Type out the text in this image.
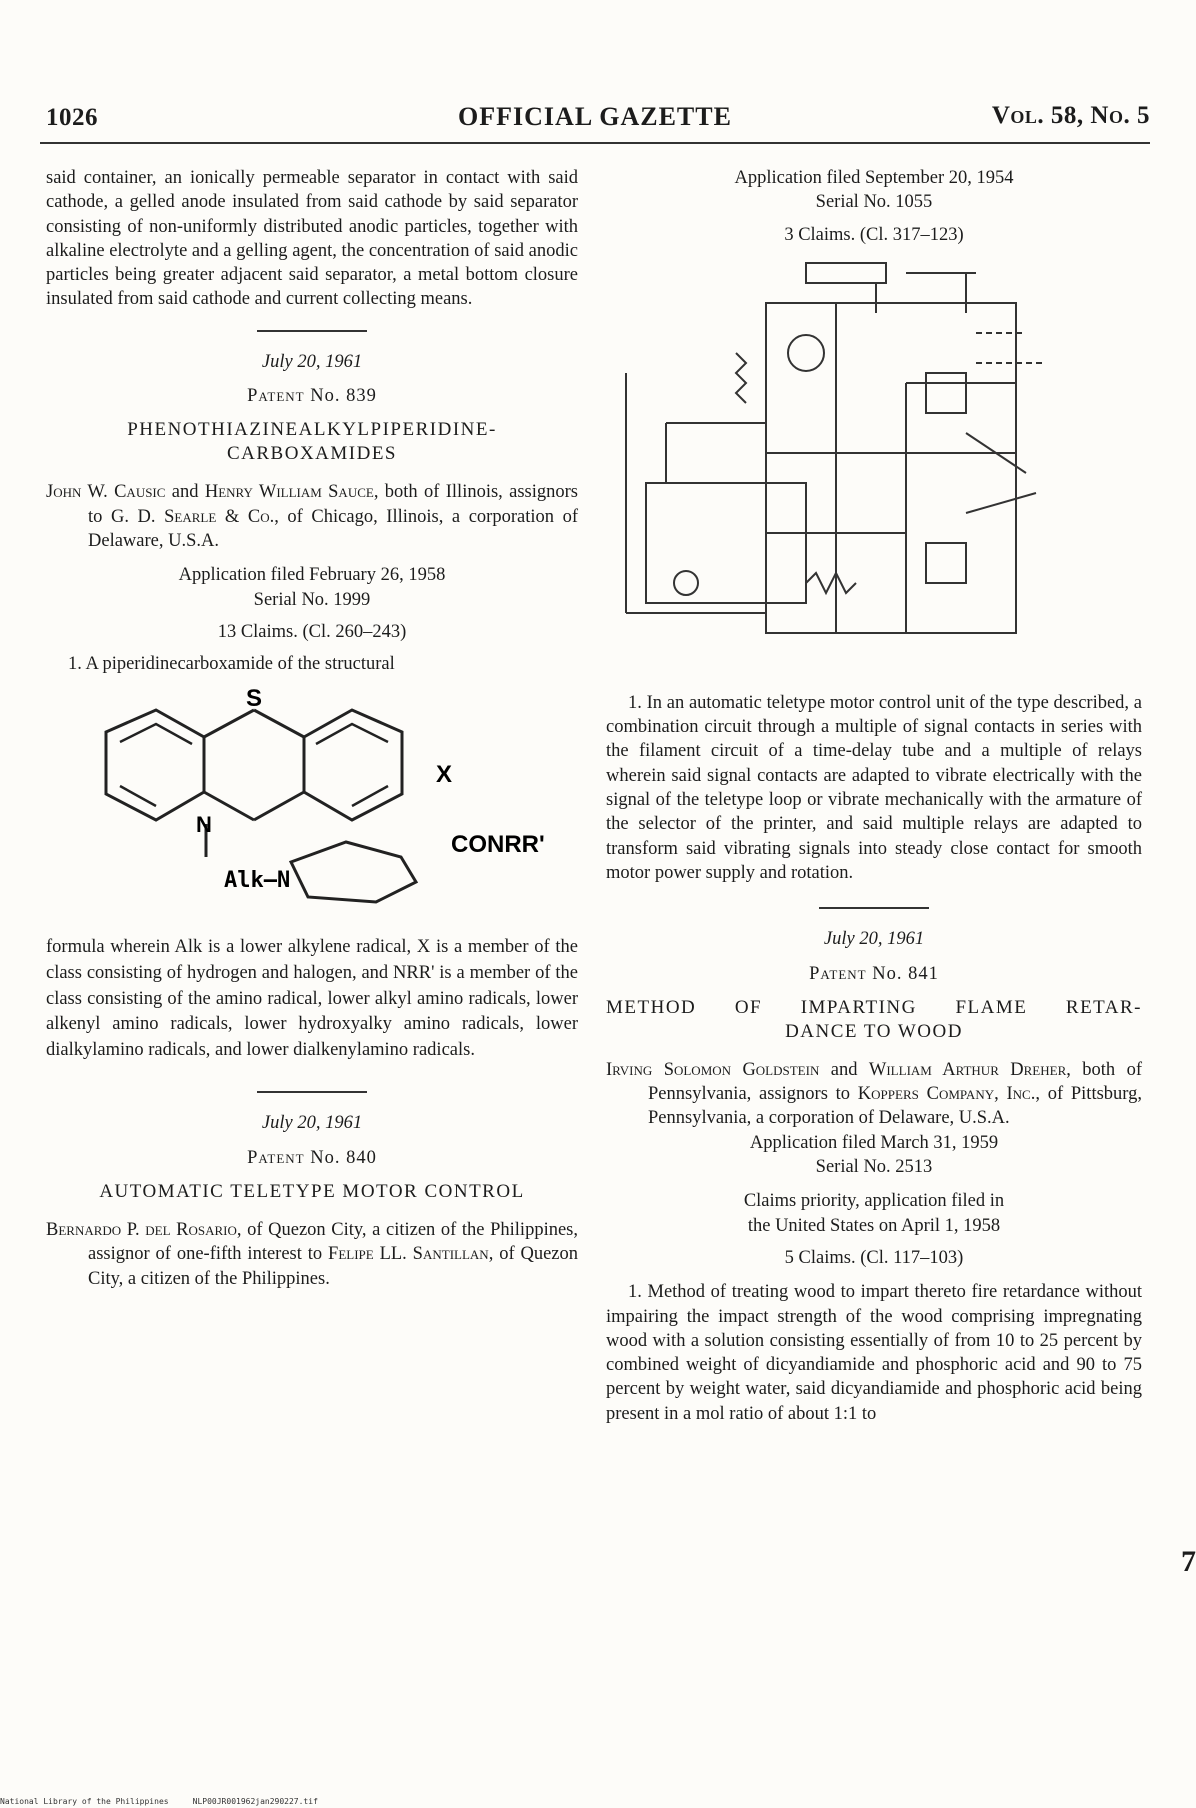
1026	OFFICIAL GAZETTE	Vol. 58, No. 5

said container, an ionically permeable separator in contact with said cathode, a gelled anode insulated from said cathode by said separator consisting of non-uniformly distributed anodic particles, together with alkaline electrolyte and a gelling agent, the concentration of said anodic particles being greater adjacent said separator, a metal bottom closure insulated from said cathode and current collecting means.

July 20, 1961

Patent No. 839

PHENOTHIAZINEALKYLPIPERIDINE-
CARBOXAMIDES

John W. Causic and Henry William Sauce, both of Illinois, assignors to G. D. Searle & Co., of Chicago, Illinois, a corporation of Delaware, U.S.A.

Application filed February 26, 1958

Serial No. 1999

13 Claims. (Cl. 260–243)

1. A piperidinecarboxamide of the structural

S
N
X
Alk–N
CONRR'

formula wherein Alk is a lower alkylene radical, X is a member of the class consisting of hydrogen and halogen, and NRR' is a member of the class consisting of the amino radical, lower alkyl amino radicals, lower alkenyl amino radicals, lower hydroxyalky amino radicals, lower dialkylamino radicals, and lower dialkenylamino radicals.

July 20, 1961

Patent No. 840

AUTOMATIC TELETYPE MOTOR CONTROL

Bernardo P. del Rosario, of Quezon City, a citizen of the Philippines, assignor of one-fifth interest to Felipe LL. Santillan, of Quezon City, a citizen of the Philippines.

Application filed September 20, 1954

Serial No. 1055

3 Claims. (Cl. 317–123)

1. In an automatic teletype motor control unit of the type described, a combination circuit through a multiple of signal contacts in series with the filament circuit of a time-delay tube and a multiple of relays wherein said signal contacts are adapted to vibrate electrically with the signal of the teletype loop or vibrate mechanically with the armature of the selector of the printer, and said multiple relays are adapted to transform said vibrating signals into steady close contact for smooth motor power supply and rotation.

July 20, 1961

Patent No. 841

METHOD OF IMPARTING FLAME RETAR-
DANCE TO WOOD

Irving Solomon Goldstein and William Arthur Dreher, both of Pennsylvania, assignors to Koppers Company, Inc., of Pittsburg, Pennsylvania, a corporation of Delaware, U.S.A.

Application filed March 31, 1959

Serial No. 2513

Claims priority, application filed in

the United States on April 1, 1958

5 Claims. (Cl. 117–103)

1. Method of treating wood to impart thereto fire retardance without impairing the impact strength of the wood comprising impregnating wood with a solution consisting essentially of from 10 to 25 percent by combined weight of dicyandiamide and phosphoric acid and 90 to 75 percent by weight water, said dicyandiamide and phosphoric acid being present in a mol ratio of about 1:1 to

7
National Library of the Philippines     NLP00JR001962jan290227.tif
